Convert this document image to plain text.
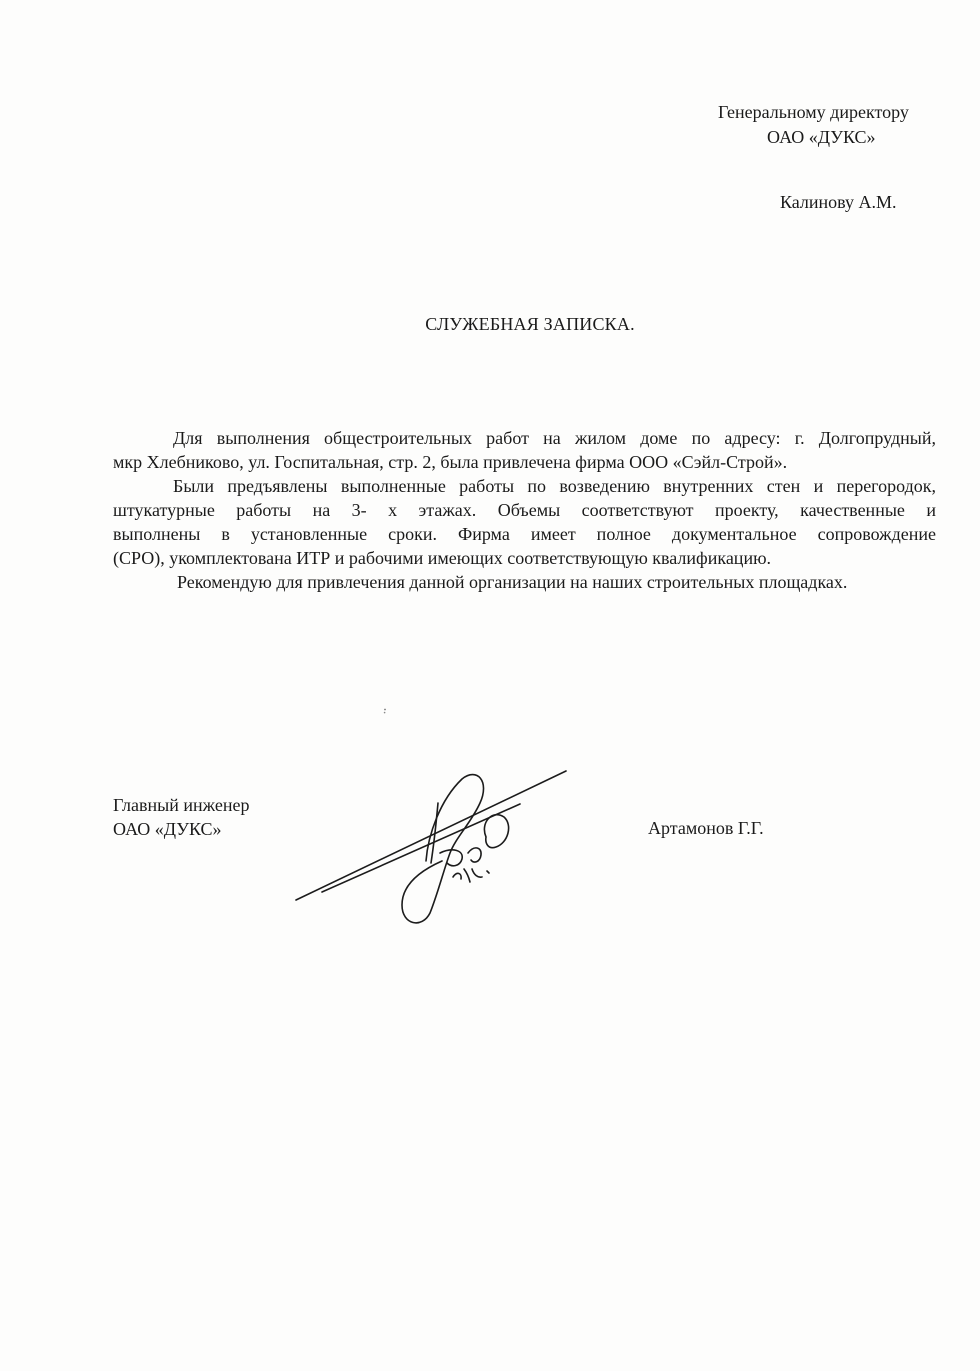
Генеральному директору
ОАО «ДУКС»
Калинову А.М.
СЛУЖЕБНАЯ ЗАПИСКА.
Для выполнения общестроительных работ на жилом доме по адресу: г. Долгопрудный,
мкр Хлебниково, ул. Госпитальная, стр. 2, была привлечена фирма ООО «Сэйл-Строй».
Были предъявлены выполненные работы по возведению внутренних стен и перегородок,
штукатурные работы на 3- х этажах. Объемы соответствуют проекту, качественные и
выполнены в установленные сроки. Фирма имеет полное документальное сопровождение
(СРО), укомплектована ИТР и рабочими имеющих соответствующую квалификацию.
Рекомендую для привлечения данной организации на наших строительных площадках.
Главный инженер
ОАО «ДУКС»	Артамонов Г.Г.
